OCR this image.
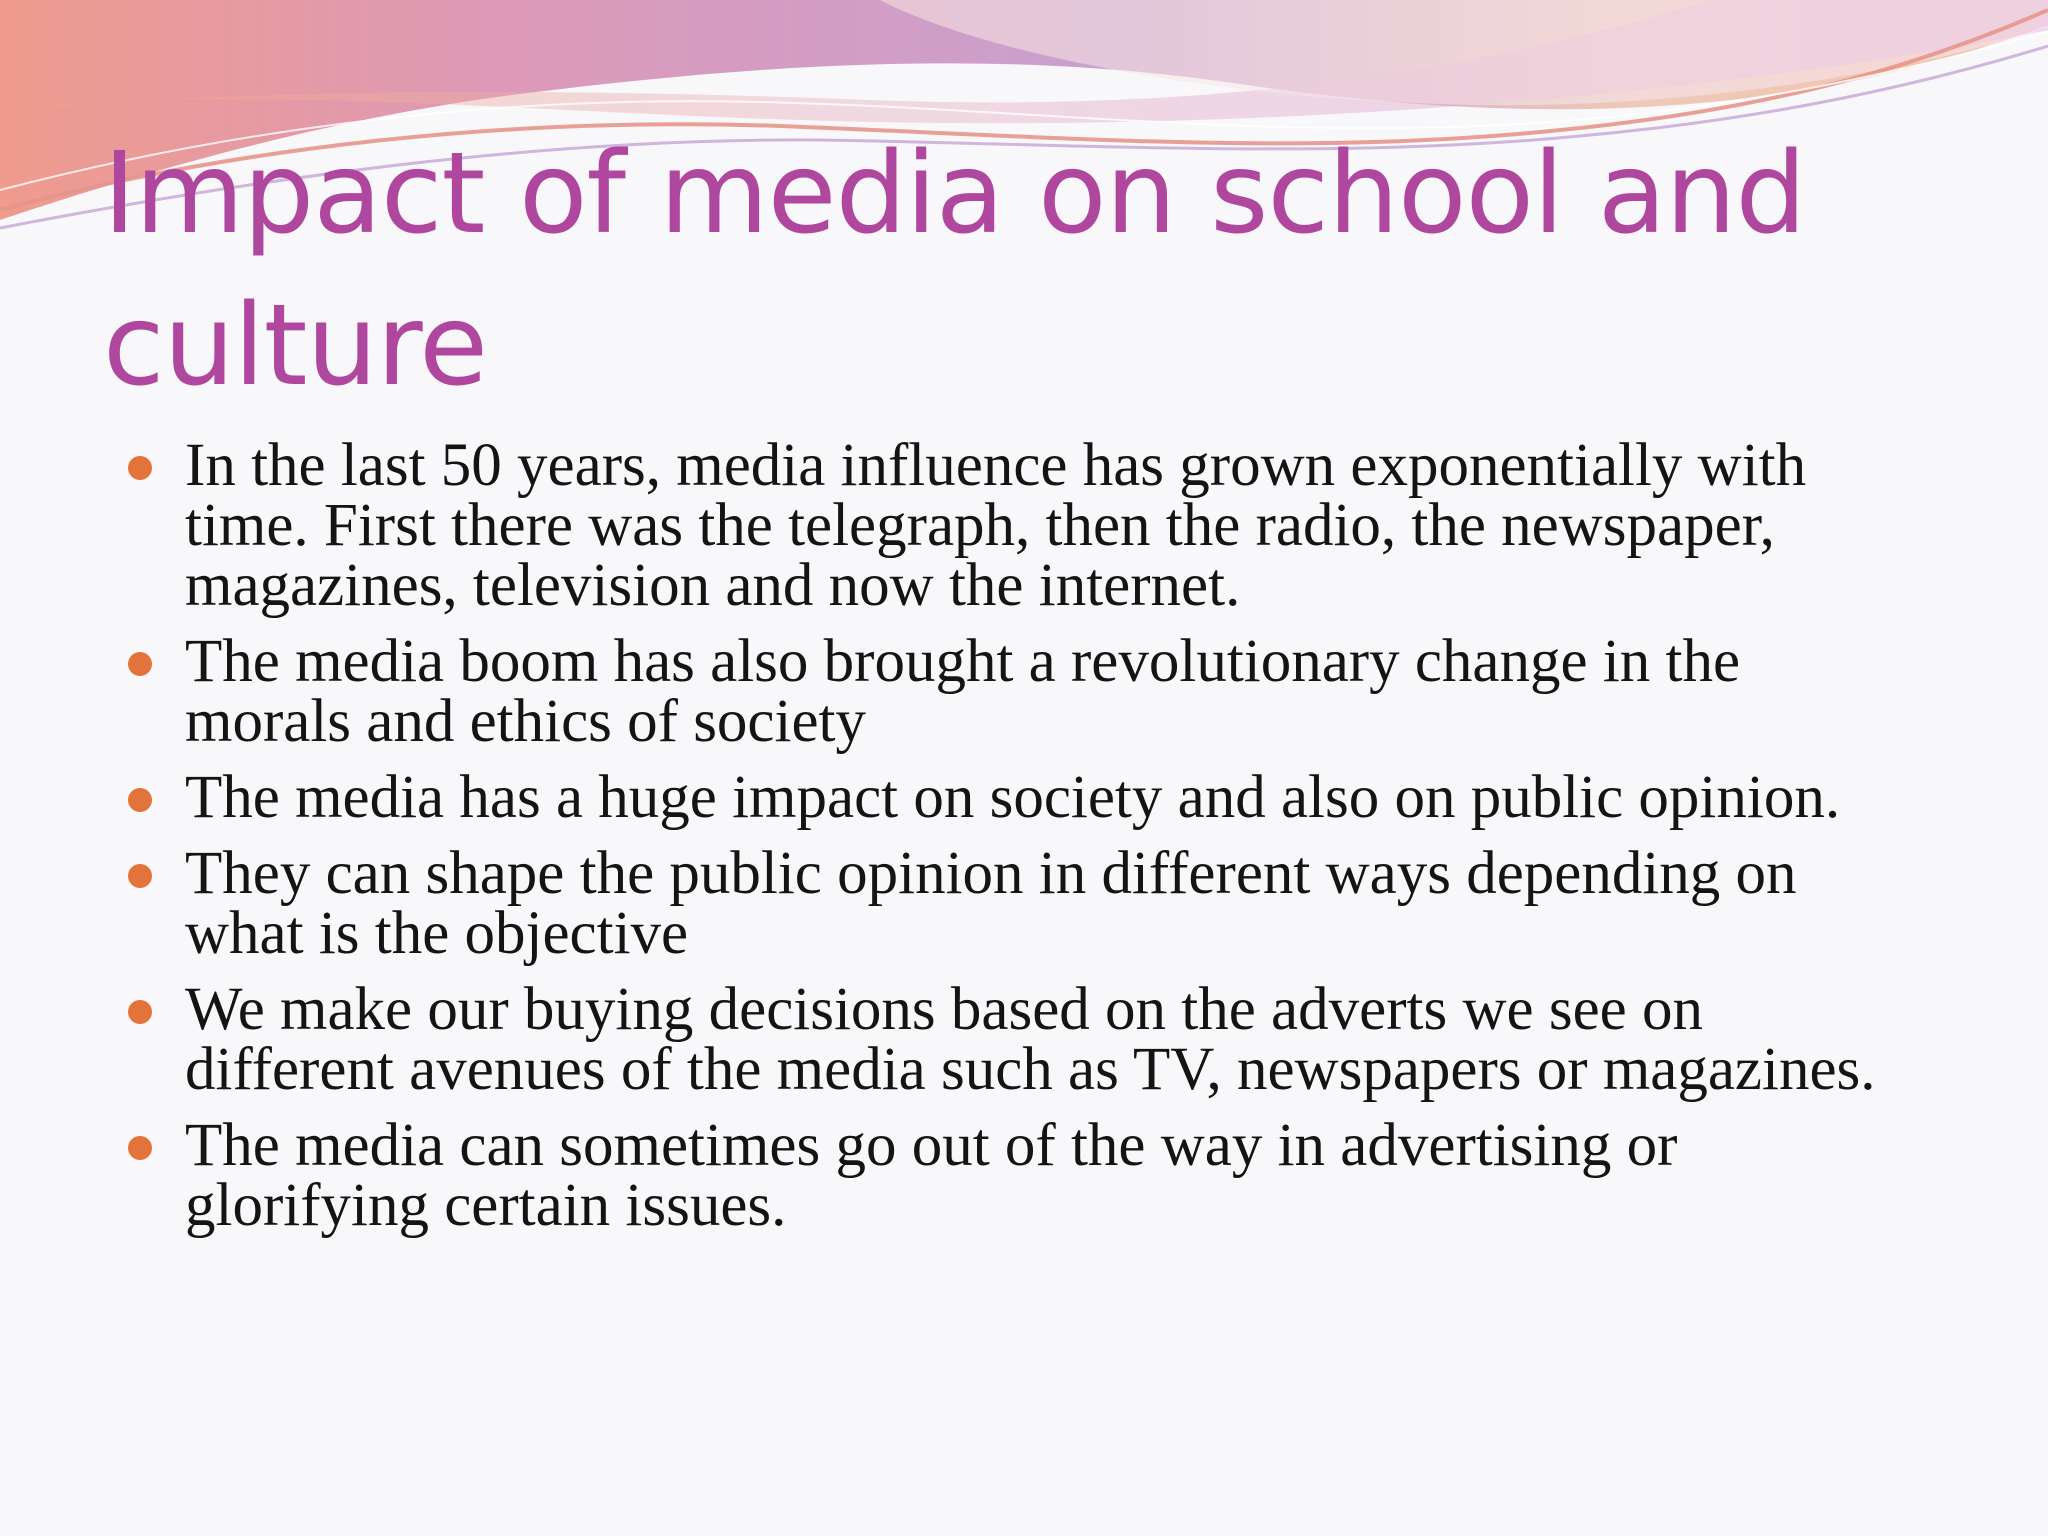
Impact of media on school and culture
In the last 50 years, media influence has grown exponentially with time. First there was the telegraph, then the radio, the newspaper, magazines, television and now the internet.
The media boom has also brought a revolutionary change in the morals and ethics of society
The media has a huge impact on society and also on public opinion.
They can shape the public opinion in different ways depending on what is the objective
We make our buying decisions based on the adverts we see on different avenues of the media such as TV, newspapers or magazines.
The media can sometimes go out of the way in advertising or glorifying certain issues.
